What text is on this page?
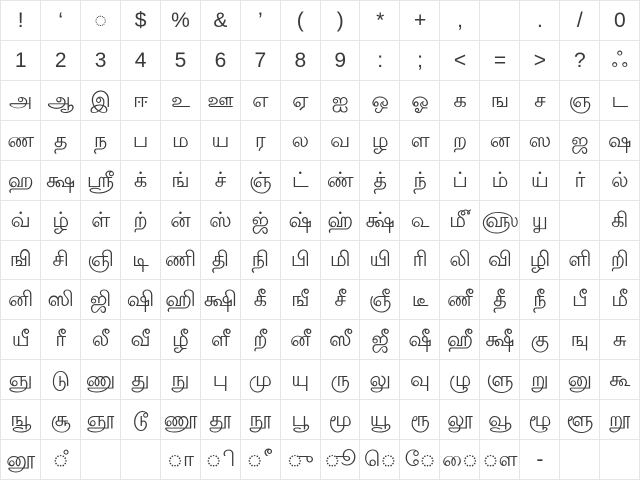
! ‘ ◌ $ % & ’ ( ) * + ,	. / 0
1 2 3 4 5 6 7 8 9 : ; < = > ? ஃ
அ ஆ இ ஈ உ ஊ எ ஏ ஐ ஒ ஓ க ங ச ஞ ட
ண த ந ப ம ய ர ல வ ழ ள ற ன ஸ ஜ ஷ
ஹ க்ஷ ஸ்ரீ க் ங் ச் ஞ் ட் ண் த் ந் ப் ம் ய் ர் ல்
வ் ழ் ள் ற் ன் ஸ் ஜ் ஷ் ஹ் க்ஷ் ௳ ௴ ௵ ௶	கி
ஙி சி ஞி டி ணி தி நி பி மி யி ரி லி வி ழி ளி றி
னி ஸி ஜி ஷி ஹி க்ஷி கீ ஙீ சீ ஞீ டீ ணீ தீ நீ பீ மீ
யீ ரீ லீ வீ ழீ ளீ றீ னீ ஸீ ஜீ ஷீ ஹீ க்ஷீ கு ஙு சு
ஞு டு ணு து நு பு மு யு ரு லு வு ழு ளு று னு கூ
ஙூ சூ ஞூ டூ ணூ தூ நூ பூ மூ யூ ரூ லூ வூ ழூ ளூ றூ
னூ ஂ	ா ி ீ ு ூ ெ ே ை ௗ -
